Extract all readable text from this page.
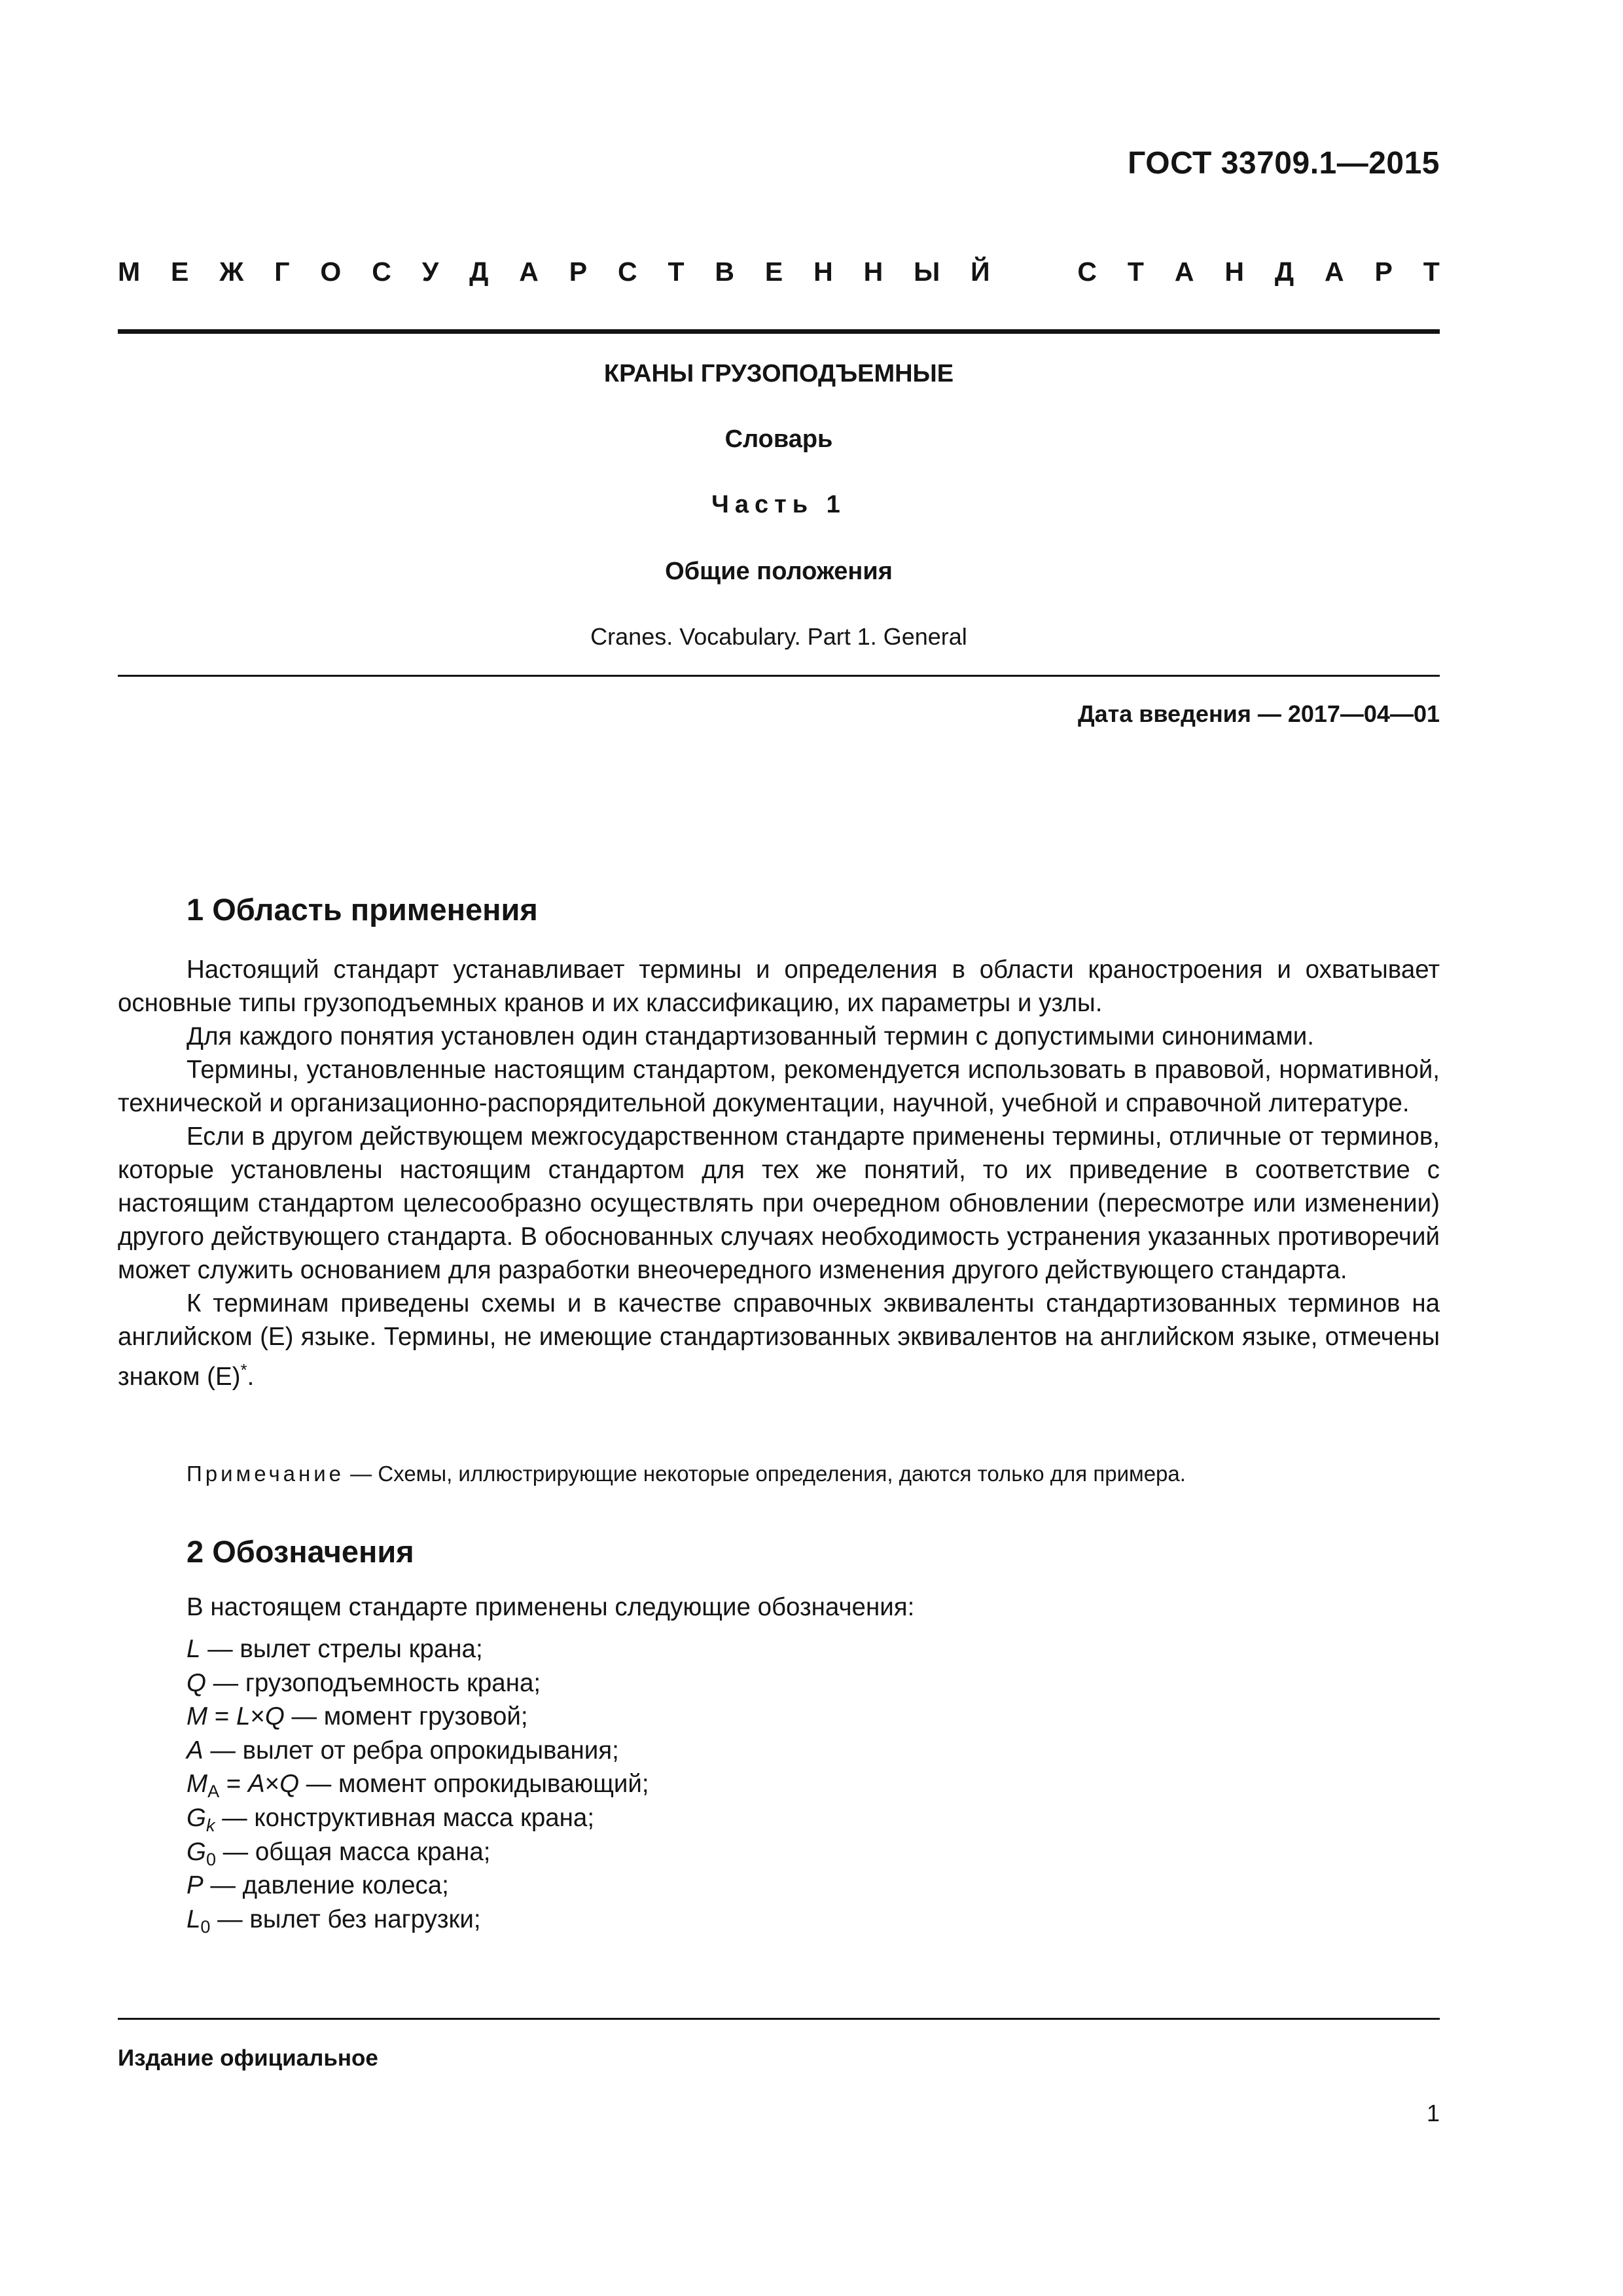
ГОСТ 33709.1—2015
М Е Ж Г О С У Д А Р С Т В Е Н Н Ы Й	С Т А Н Д А Р Т
КРАНЫ ГРУЗОПОДЪЕМНЫЕ
Словарь
Часть 1
Общие положения
Cranes. Vocabulary. Part 1. General
Дата введения — 2017—04—01
1 Область применения

Настоящий стандарт устанавливает термины и определения в области краностроения и охватывает основные типы грузоподъемных кранов и их классификацию, их параметры и узлы.

Для каждого понятия установлен один стандартизованный термин с допустимыми синонимами.

Термины, установленные настоящим стандартом, рекомендуется использовать в правовой, нормативной, технической и организационно-распорядительной документации, научной, учебной и справочной литературе.

Если в другом действующем межгосударственном стандарте применены термины, отличные от терминов, которые установлены настоящим стандартом для тех же понятий, то их приведение в соответствие с настоящим стандартом целесообразно осуществлять при очередном обновлении (пересмотре или изменении) другого действующего стандарта. В обоснованных случаях необходимость устранения указанных противоречий может служить основанием для разработки внеочередного изменения другого действующего стандарта.

К терминам приведены схемы и в качестве справочных эквиваленты стандартизованных терминов на английском (Е) языке. Термины, не имеющие стандартизованных эквивалентов на английском языке, отмечены знаком (Е)*.

Примечание — Схемы, иллюстрирующие некоторые определения, даются только для примера.
2 Обозначения
В настоящем стандарте применены следующие обозначения:
L — вылет стрелы крана;
Q — грузоподъемность крана;
M = L×Q — момент грузовой;
A — вылет от ребра опрокидывания;
$M_A = A\times Q$ — момент опрокидывающий;
$G_k$ — конструктивная масса крана;
$G_0$ — общая масса крана;
P — давление колеса;
$L_0$ — вылет без нагрузки;
Издание официальное
1
